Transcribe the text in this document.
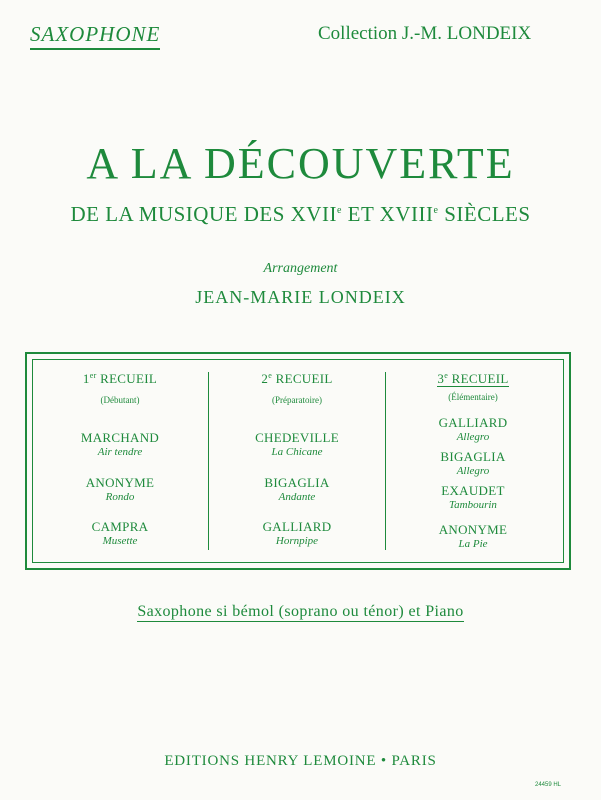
SAXOPHONE	Collection J.-M. LONDEIX
A LA DÉCOUVERTE
DE LA MUSIQUE DES XVIIe ET XVIIIe SIÈCLES
Arrangement
JEAN-MARIE LONDEIX
1er RECUEIL
(Débutant)
MARCHAND
Air tendre
ANONYME
Rondo
CAMPRA
Musette
2e RECUEIL
(Préparatoire)
CHEDEVILLE
La Chicane
BIGAGLIA
Andante
GALLIARD
Hornpipe
3e RECUEIL
(Élémentaire)
GALLIARD
Allegro
BIGAGLIA
Allegro
EXAUDET
Tambourin
ANONYME
La Pie
Saxophone si bémol (soprano ou ténor) et Piano
EDITIONS HENRY LEMOINE • PARIS
24459 HL
